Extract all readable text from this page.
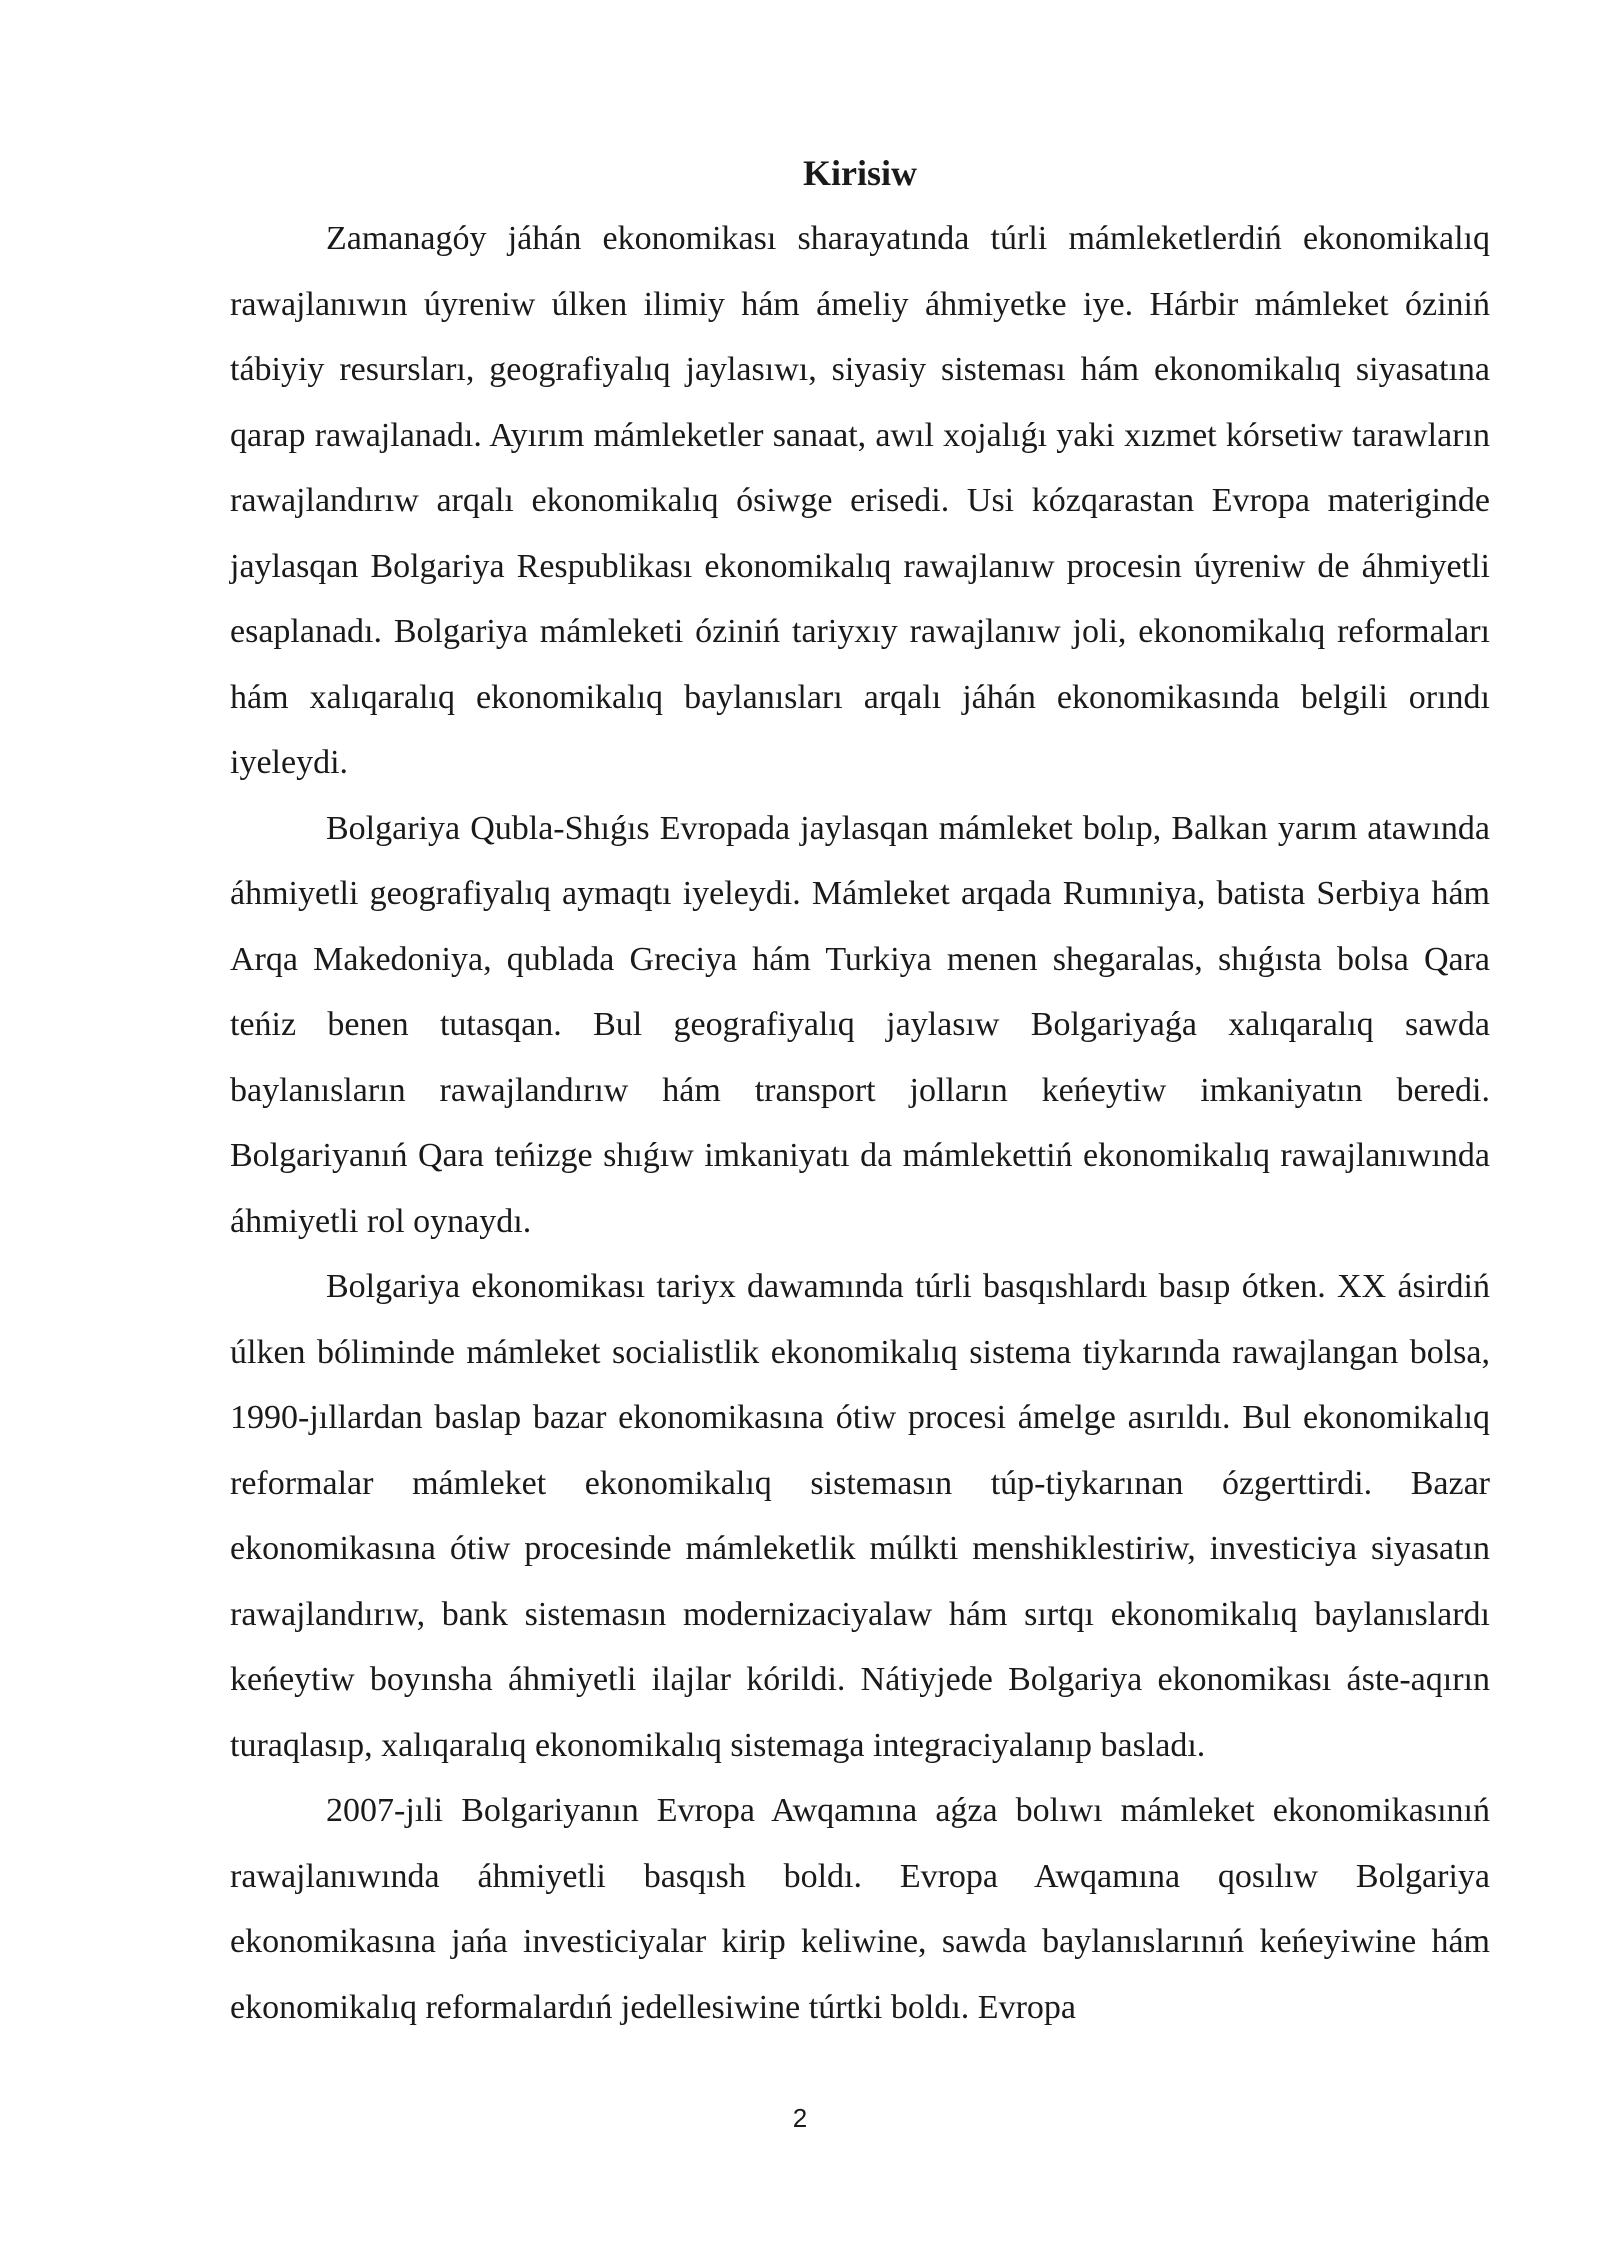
Kirisiw

Zamanagóy jáhán ekonomikası sharayatında túrli mámleketlerdiń ekonomikalıq rawajlanıwın úyreniw úlken ilimiy hám ámeliy áhmiyetke iye. Hárbir mámleket óziniń tábiyiy resursları, geografiyalıq jaylasıwı, siyasiy sisteması hám ekonomikalıq siyasatına qarap rawajlanadı. Ayırım mámleketler sanaat, awıl xojalıǵı yaki xızmet kórsetiw tarawların rawajlandırıw arqalı ekonomikalıq ósiwge erisedi. Usi kózqarastan Evropa materiginde jaylasqan Bolgariya Respublikası ekonomikalıq rawajlanıw procesin úyreniw de áhmiyetli esaplanadı. Bolgariya mámleketi óziniń tariyxıy rawajlanıw joli, ekonomikalıq reformaları hám xalıqaralıq ekonomikalıq baylanısları arqalı jáhán ekonomikasında belgili orındı iyeleydi.

Bolgariya Qubla-Shıǵıs Evropada jaylasqan mámleket bolıp, Balkan yarım atawında áhmiyetli geografiyalıq aymaqtı iyeleydi. Mámleket arqada Rumıniya, batista Serbiya hám Arqa Makedoniya, qublada Greciya hám Turkiya menen shegaralas, shıǵısta bolsa Qara teńiz benen tutasqan. Bul geografiyalıq jaylasıw Bolgariyaǵa xalıqaralıq sawda baylanısların rawajlandırıw hám transport jolların keńeytiw imkaniyatın beredi. Bolgariyanıń Qara teńizge shıǵıw imkaniyatı da mámlekettiń ekonomikalıq rawajlanıwında áhmiyetli rol oynaydı.

Bolgariya ekonomikası tariyx dawamında túrli basqıshlardı basıp ótken. XX ásirdiń úlken bóliminde mámleket socialistlik ekonomikalıq sistema tiykarında rawajlangan bolsa, 1990-jıllardan baslap bazar ekonomikasına ótiw procesi ámelge asırıldı. Bul ekonomikalıq reformalar mámleket ekonomikalıq sistemasın túp-tiykarınan ózgerttirdi. Bazar ekonomikasına ótiw procesinde mámleketlik múlkti menshiklestiriw, investiciya siyasatın rawajlandırıw, bank sistemasın modernizaciyalaw hám sırtqı ekonomikalıq baylanıslardı keńeytiw boyınsha áhmiyetli ilajlar kórildi. Nátiyjede Bolgariya ekonomikası áste-aqırın turaqlasıp, xalıqaralıq ekonomikalıq sistemaga integraciyalanıp basladı.

2007-jıli Bolgariyanın Evropa Awqamına aǵza bolıwı mámleket ekonomikasınıń rawajlanıwında áhmiyetli basqısh boldı. Evropa Awqamına qosılıw Bolgariya ekonomikasına jańa investiciyalar kirip keliwine, sawda baylanıslarınıń keńeyiwine hám ekonomikalıq reformalardıń jedellesiwine túrtki boldı. Evropa

2
